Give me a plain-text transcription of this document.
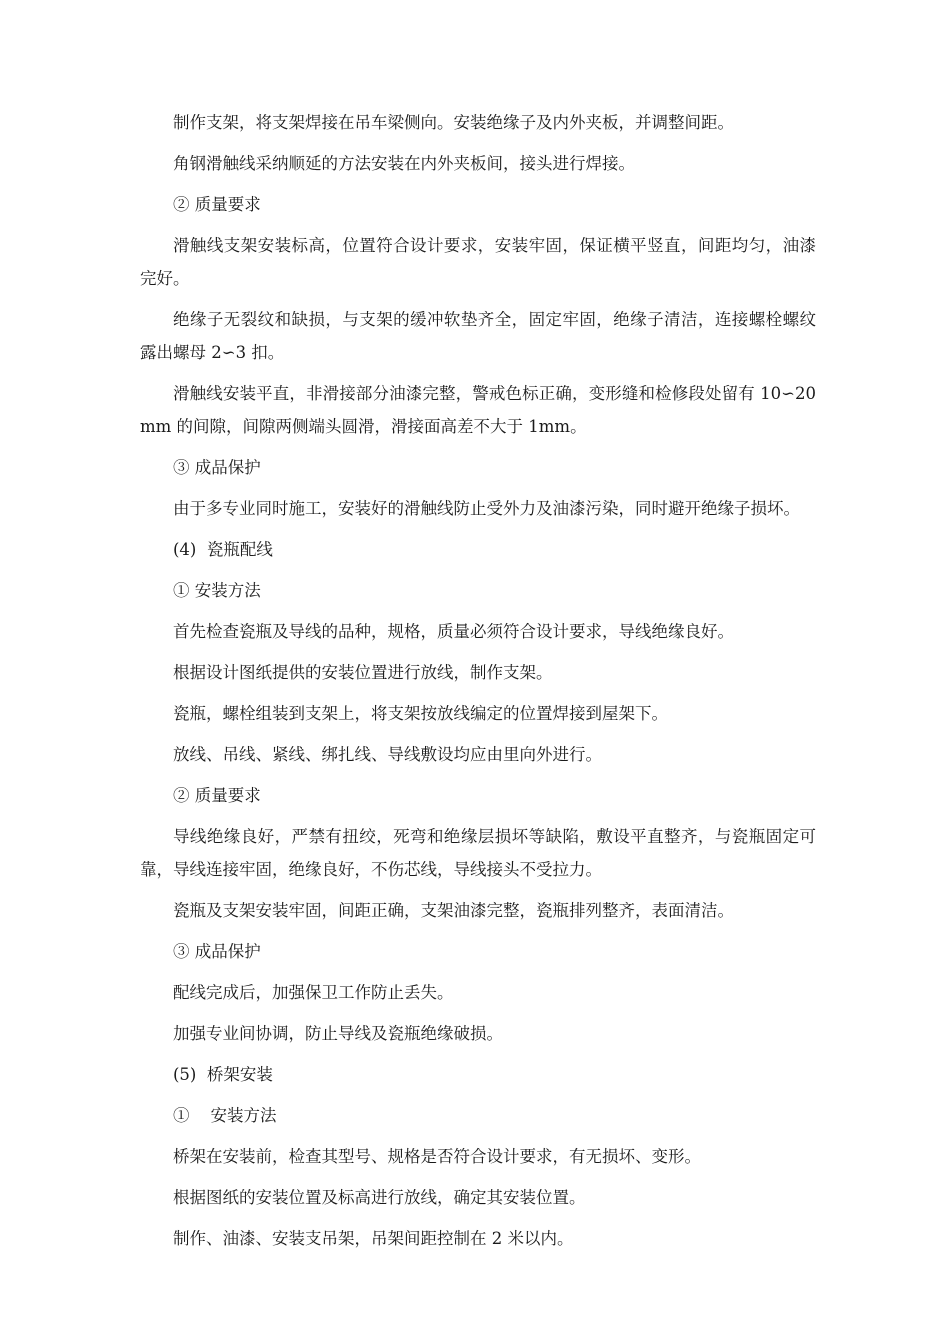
制作支架，将支架焊接在吊车梁侧向。安装绝缘子及内外夹板，并调整间距。

角钢滑触线采纳顺延的方法安装在内外夹板间，接头进行焊接。

② 质量要求

滑触线支架安装标高，位置符合设计要求，安装牢固，保证横平竖直，间距均匀，油漆完好。

绝缘子无裂纹和缺损，与支架的缓冲软垫齐全，固定牢固，绝缘子清洁，连接螺栓螺纹露出螺母 2∽3 扣。

滑触线安装平直，非滑接部分油漆完整，警戒色标正确，变形缝和检修段处留有 10∽20mm 的间隙，间隙两侧端头圆滑，滑接面高差不大于 1mm。

③ 成品保护

由于多专业同时施工，安装好的滑触线防止受外力及油漆污染，同时避开绝缘子损坏。

(4)  瓷瓶配线

① 安装方法

首先检查瓷瓶及导线的品种，规格，质量必须符合设计要求，导线绝缘良好。

根据设计图纸提供的安装位置进行放线，制作支架。

瓷瓶，螺栓组装到支架上，将支架按放线编定的位置焊接到屋架下。

放线、吊线、紧线、绑扎线、导线敷设均应由里向外进行。

② 质量要求

导线绝缘良好，严禁有扭绞，死弯和绝缘层损坏等缺陷，敷设平直整齐，与瓷瓶固定可靠，导线连接牢固，绝缘良好，不伤芯线，导线接头不受拉力。

瓷瓶及支架安装牢固，间距正确，支架油漆完整，瓷瓶排列整齐，表面清洁。

③ 成品保护

配线完成后，加强保卫工作防止丢失。

加强专业间协调，防止导线及瓷瓶绝缘破损。

(5)  桥架安装

①    安装方法

桥架在安装前，检查其型号、规格是否符合设计要求，有无损坏、变形。

根据图纸的安装位置及标高进行放线，确定其安装位置。

制作、油漆、安装支吊架，吊架间距控制在 2 米以内。
